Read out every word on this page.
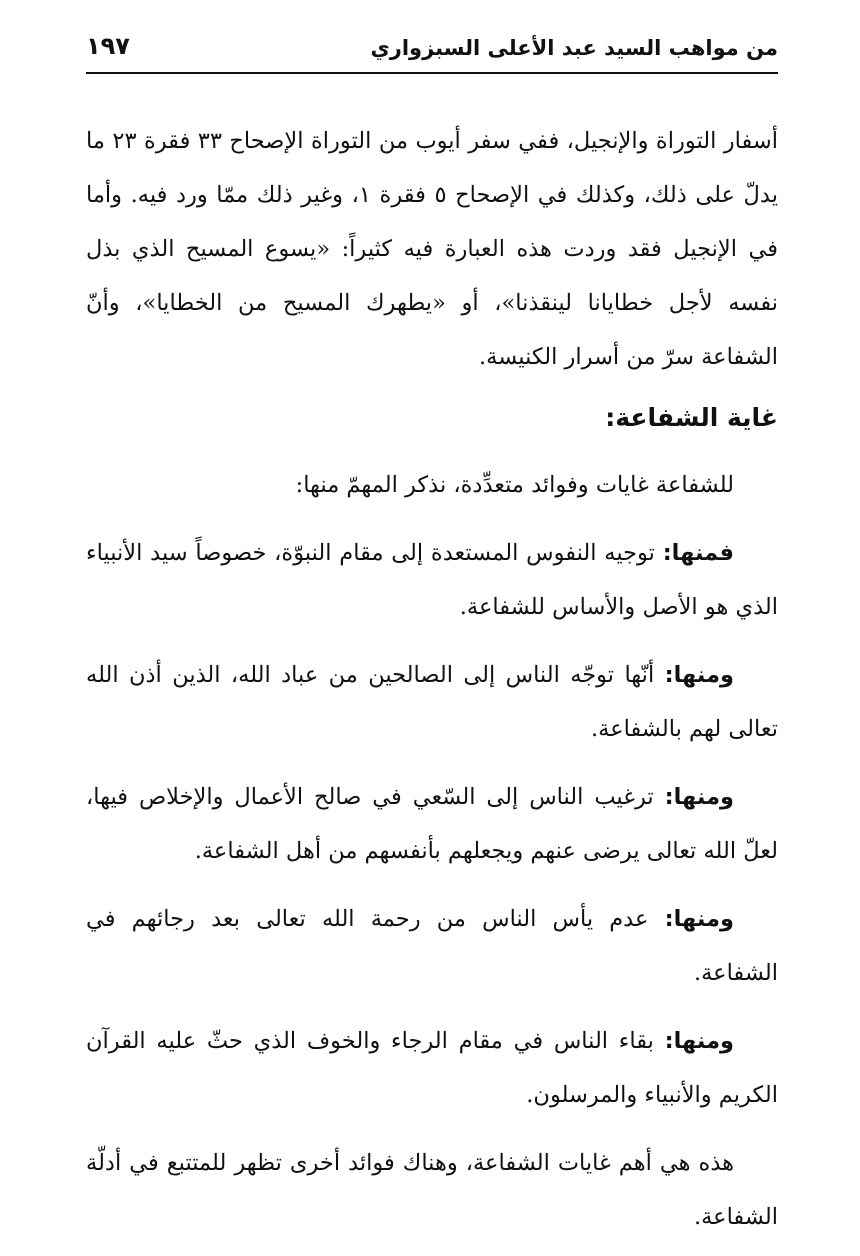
من مواهب السيد عبد الأعلى السبزواري
١٩٧

أسفار التوراة والإنجيل، ففي سفر أيوب من التوراة الإصحاح ٣٣ فقرة ٢٣ ما يدلّ على ذلك، وكذلك في الإصحاح ٥ فقرة ١، وغير ذلك ممّا ورد فيه. وأما في الإنجيل فقد وردت هذه العبارة فيه كثيراً: «يسوع المسيح الذي بذل نفسه لأجل خطايانا لينقذنا»، أو «يطهرك المسيح من الخطايا»، وأنّ الشفاعة سرّ من أسرار الكنيسة.

غاية الشفاعة:

للشفاعة غايات وفوائد متعدِّدة، نذكر المهمّ منها:

فمنها: توجيه النفوس المستعدة إلى مقام النبوّة، خصوصاً سيد الأنبياء الذي هو الأصل والأساس للشفاعة.

ومنها: أنّها توجّه الناس إلى الصالحين من عباد الله، الذين أذن الله تعالى لهم بالشفاعة.

ومنها: ترغيب الناس إلى السّعي في صالح الأعمال والإخلاص فيها، لعلّ الله تعالى يرضى عنهم ويجعلهم بأنفسهم من أهل الشفاعة.

ومنها: عدم يأس الناس من رحمة الله تعالى بعد رجائهم في الشفاعة.

ومنها: بقاء الناس في مقام الرجاء والخوف الذي حثّ عليه القرآن الكريم والأنبياء والمرسلون.

هذه هي أهم غايات الشفاعة، وهناك فوائد أخرى تظهر للمتتبع في أدلّة الشفاعة.
